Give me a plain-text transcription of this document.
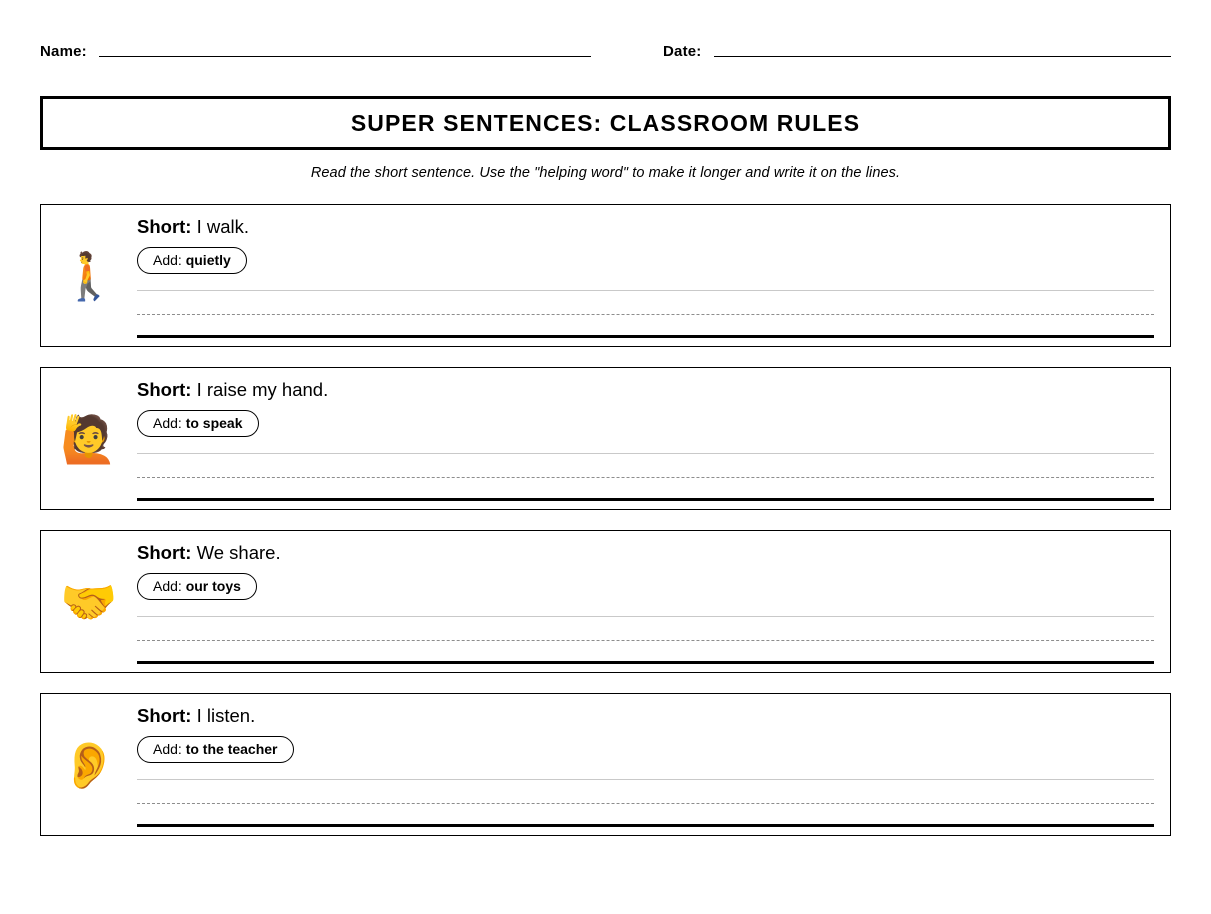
Name:	Date:
SUPER SENTENCES: CLASSROOM RULES
Read the short sentence. Use the "helping word" to make it longer and write it on the lines.
🚶
Short: I walk.
Add: quietly
🙋
Short: I raise my hand.
Add: to speak
🤝
Short: We share.
Add: our toys
👂
Short: I listen.
Add: to the teacher
